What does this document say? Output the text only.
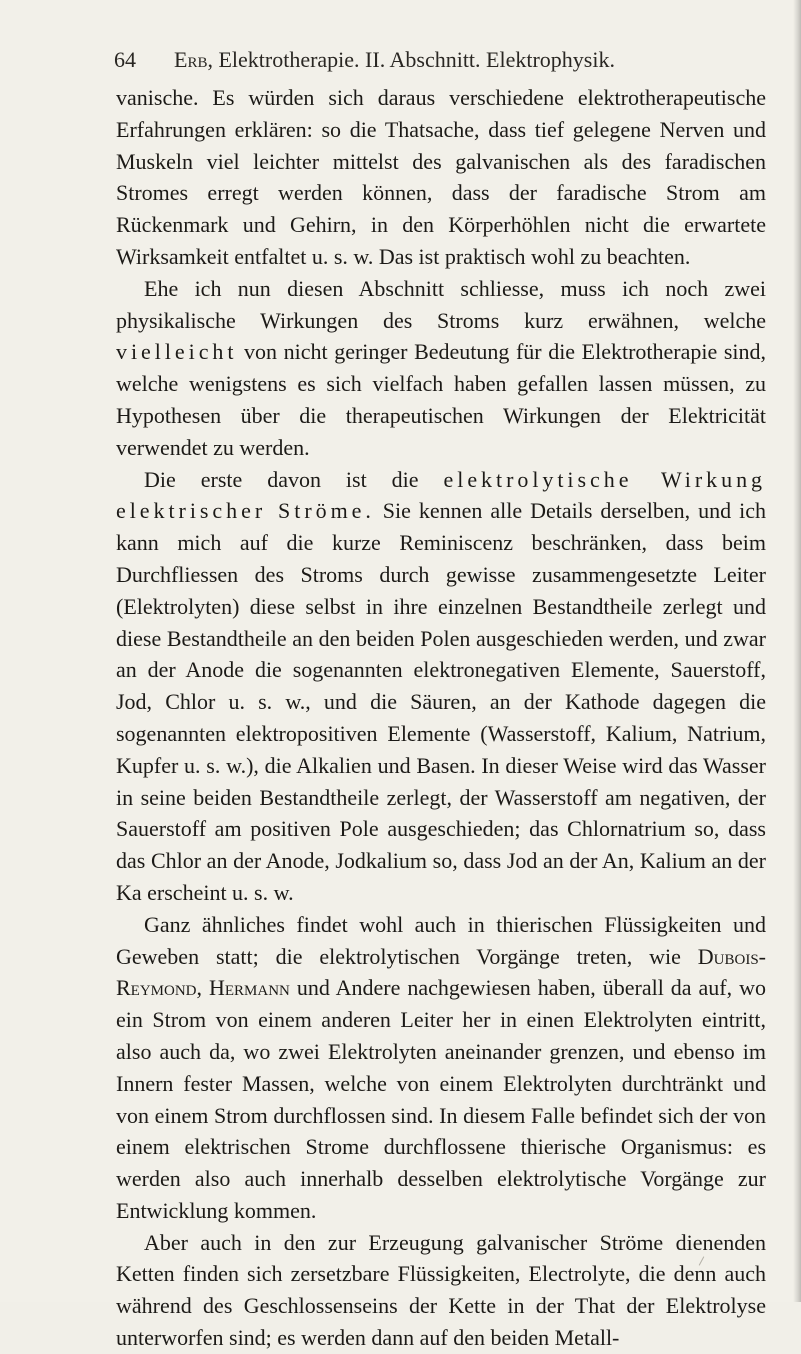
64 Erb, Elektrotherapie. II. Abschnitt. Elektrophysik.

vanische. Es würden sich daraus verschiedene elektrotherapeutische Erfahrungen erklären: so die Thatsache, dass tief gelegene Nerven und Muskeln viel leichter mittelst des galvanischen als des faradischen Stromes erregt werden können, dass der faradische Strom am Rückenmark und Gehirn, in den Körperhöhlen nicht die erwartete Wirksamkeit entfaltet u. s. w. Das ist praktisch wohl zu beachten.

Ehe ich nun diesen Abschnitt schliesse, muss ich noch zwei physikalische Wirkungen des Stroms kurz erwähnen, welche vielleicht von nicht geringer Bedeutung für die Elektrotherapie sind, welche wenigstens es sich vielfach haben gefallen lassen müssen, zu Hypothesen über die therapeutischen Wirkungen der Elektricität verwendet zu werden.

Die erste davon ist die elektrolytische Wirkung elektrischer Ströme. Sie kennen alle Details derselben, und ich kann mich auf die kurze Reminiscenz beschränken, dass beim Durchfliessen des Stroms durch gewisse zusammengesetzte Leiter (Elektrolyten) diese selbst in ihre einzelnen Bestandtheile zerlegt und diese Bestandtheile an den beiden Polen ausgeschieden werden, und zwar an der Anode die sogenannten elektronegativen Elemente, Sauerstoff, Jod, Chlor u. s. w., und die Säuren, an der Kathode dagegen die sogenannten elektropositiven Elemente (Wasserstoff, Kalium, Natrium, Kupfer u. s. w.), die Alkalien und Basen. In dieser Weise wird das Wasser in seine beiden Bestandtheile zerlegt, der Wasserstoff am negativen, der Sauerstoff am positiven Pole ausgeschieden; das Chlornatrium so, dass das Chlor an der Anode, Jodkalium so, dass Jod an der An, Kalium an der Ka erscheint u. s. w.

Ganz ähnliches findet wohl auch in thierischen Flüssigkeiten und Geweben statt; die elektrolytischen Vorgänge treten, wie Dubois-Reymond, Hermann und Andere nachgewiesen haben, überall da auf, wo ein Strom von einem anderen Leiter her in einen Elektrolyten eintritt, also auch da, wo zwei Elektrolyten aneinander grenzen, und ebenso im Innern fester Massen, welche von einem Elektrolyten durchtränkt und von einem Strom durchflossen sind. In diesem Falle befindet sich der von einem elektrischen Strome durchflossene thierische Organismus: es werden also auch innerhalb desselben elektrolytische Vorgänge zur Entwicklung kommen.

Aber auch in den zur Erzeugung galvanischer Ströme dienenden Ketten finden sich zersetzbare Flüssigkeiten, Electrolyte, die denn auch während des Geschlossenseins der Kette in der That der Elektrolyse unterworfen sind; es werden dann auf den beiden Metall-
